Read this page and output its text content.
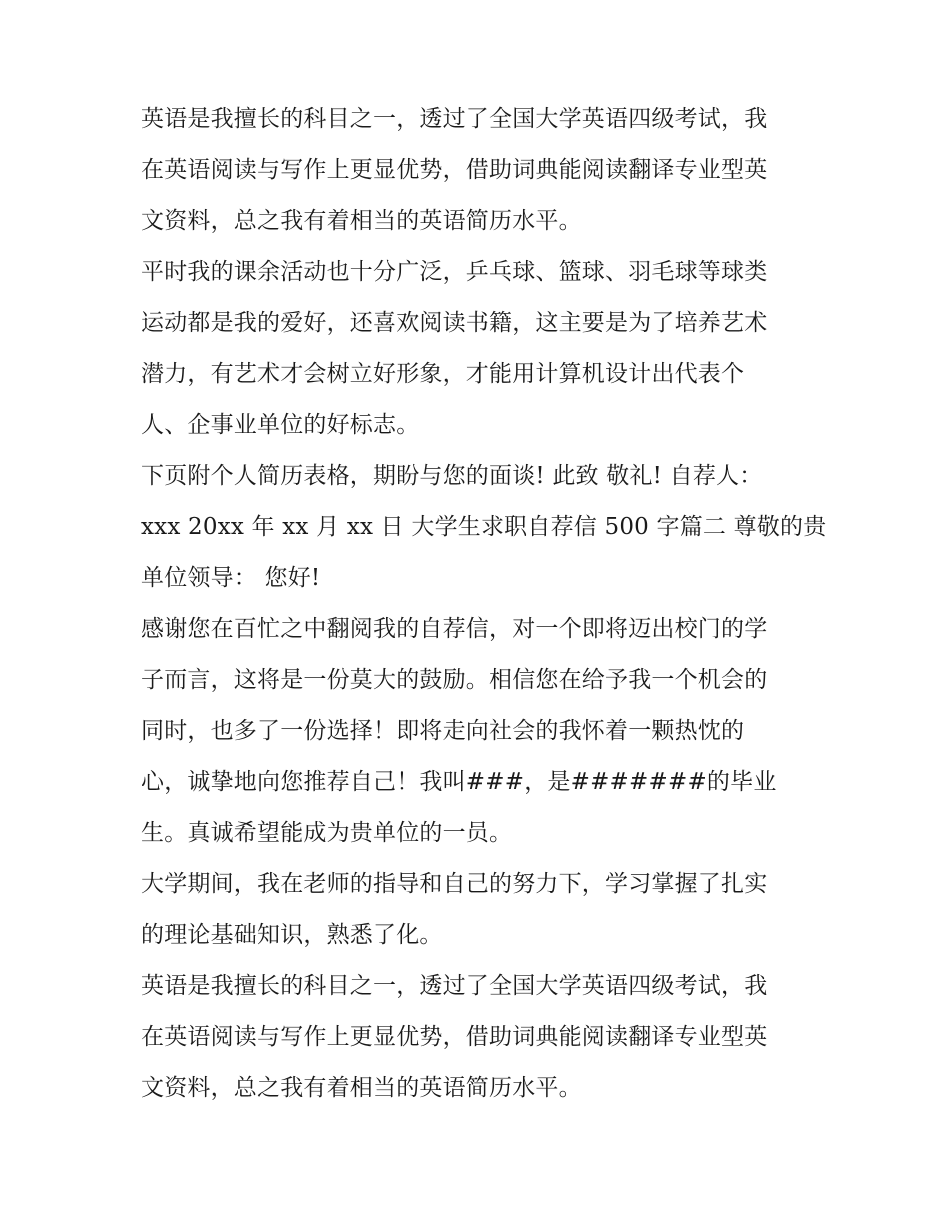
英语是我擅长的科目之一，透过了全国大学英语四级考试，我
在英语阅读与写作上更显优势，借助词典能阅读翻译专业型英
文资料，总之我有着相当的英语简历水平。
平时我的课余活动也十分广泛，乒乓球、篮球、羽毛球等球类
运动都是我的爱好，还喜欢阅读书籍，这主要是为了培养艺术
潜力，有艺术才会树立好形象，才能用计算机设计出代表个
人、企事业单位的好标志。
下页附个人简历表格，期盼与您的面谈! 此致 敬礼! 自荐人：
xxx 20xx 年 xx 月 xx 日 大学生求职自荐信 500 字篇二 尊敬的贵
单位领导： 您好!
感谢您在百忙之中翻阅我的自荐信，对一个即将迈出校门的学
子而言，这将是一份莫大的鼓励。相信您在给予我一个机会的
同时，也多了一份选择！即将走向社会的我怀着一颗热忱的
心，诚挚地向您推荐自己！我叫###，是#######的毕业
生。真诚希望能成为贵单位的一员。
大学期间，我在老师的指导和自己的努力下，学习掌握了扎实
的理论基础知识，熟悉了化。
英语是我擅长的科目之一，透过了全国大学英语四级考试，我
在英语阅读与写作上更显优势，借助词典能阅读翻译专业型英
文资料，总之我有着相当的英语简历水平。
